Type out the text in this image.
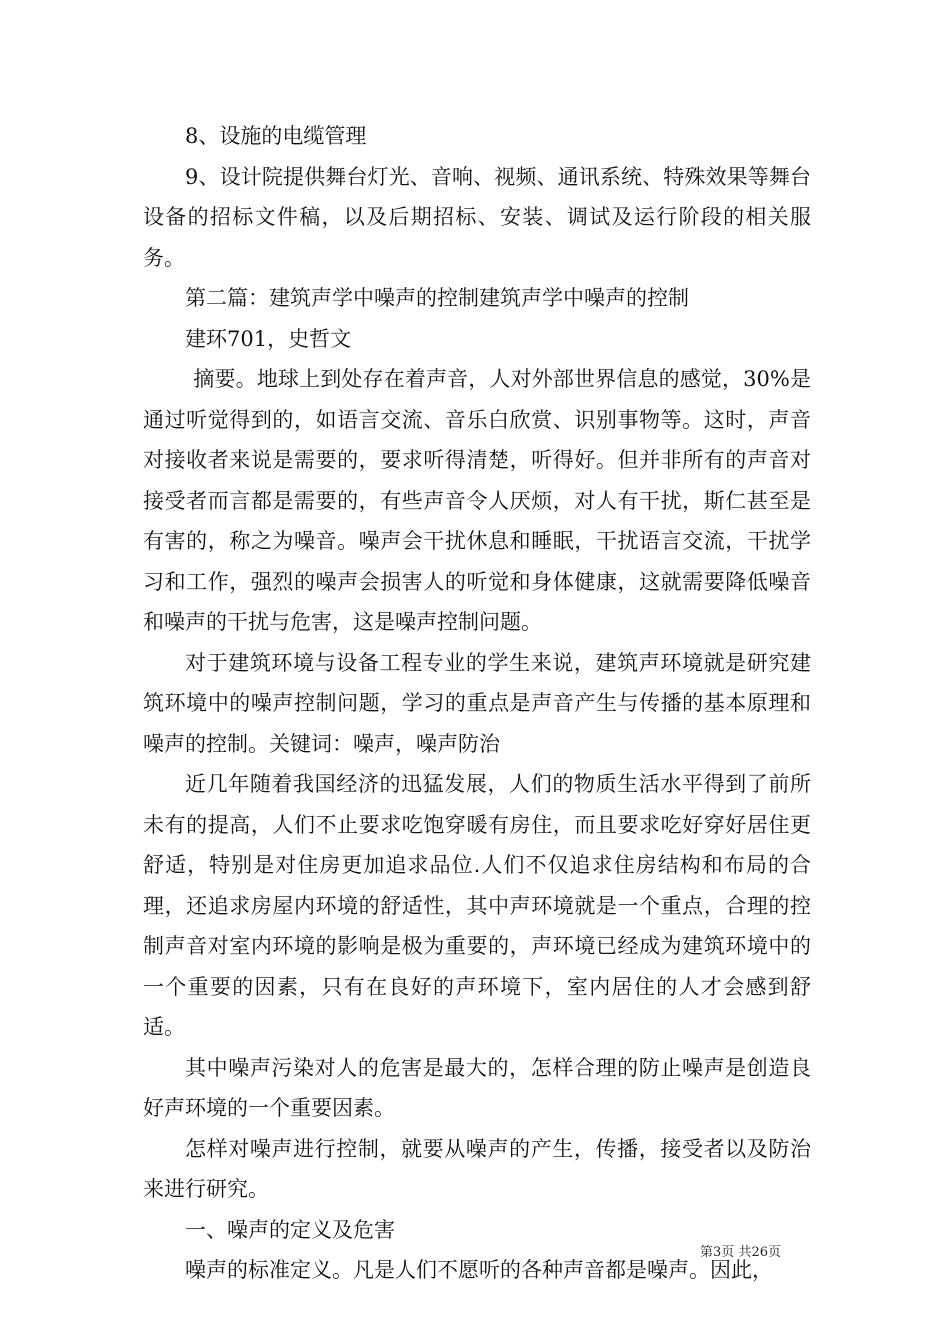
8、设施的电缆管理

9、设计院提供舞台灯光、音响、视频、通讯系统、特殊效果等舞台设备的招标文件稿，以及后期招标、安装、调试及运行阶段的相关服务。

第二篇：建筑声学中噪声的控制建筑声学中噪声的控制

建环701，史哲文

摘要。地球上到处存在着声音，人对外部世界信息的感觉，30%是通过听觉得到的，如语言交流、音乐白欣赏、识别事物等。这时，声音对接收者来说是需要的，要求听得清楚，听得好。但并非所有的声音对接受者而言都是需要的，有些声音令人厌烦，对人有干扰，斯仁甚至是有害的，称之为噪音。噪声会干扰休息和睡眠，干扰语言交流，干扰学习和工作，强烈的噪声会损害人的听觉和身体健康，这就需要降低噪音和噪声的干扰与危害，这是噪声控制问题。

对于建筑环境与设备工程专业的学生来说，建筑声环境就是研究建筑环境中的噪声控制问题，学习的重点是声音产生与传播的基本原理和噪声的控制。关键词：噪声，噪声防治

近几年随着我国经济的迅猛发展，人们的物质生活水平得到了前所未有的提高，人们不止要求吃饱穿暖有房住，而且要求吃好穿好居住更舒适，特别是对住房更加追求品位.人们不仅追求住房结构和布局的合理，还追求房屋内环境的舒适性，其中声环境就是一个重点，合理的控制声音对室内环境的影响是极为重要的，声环境已经成为建筑环境中的一个重要的因素，只有在良好的声环境下，室内居住的人才会感到舒适。

其中噪声污染对人的危害是最大的，怎样合理的防止噪声是创造良好声环境的一个重要因素。

怎样对噪声进行控制，就要从噪声的产生，传播，接受者以及防治来进行研究。

一、噪声的定义及危害

噪声的标准定义。凡是人们不愿听的各种声音都是噪声。因此，

第3页 共26页
